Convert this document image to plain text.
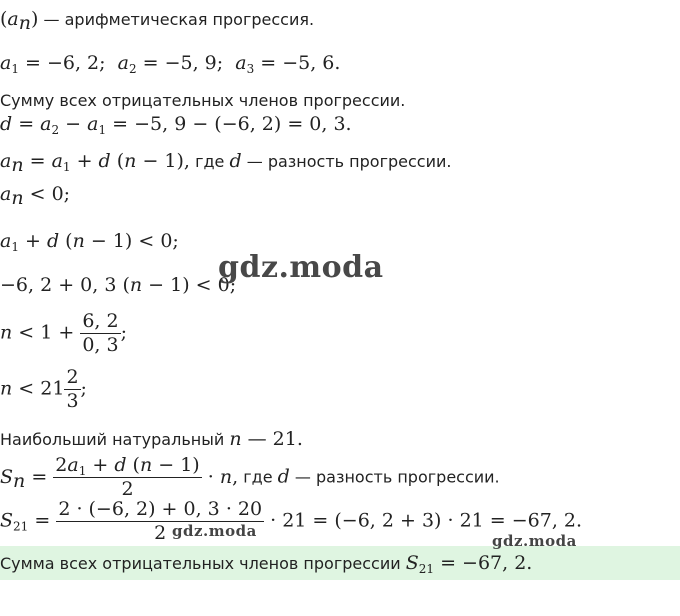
$(a_n)$ — арифметическая прогрессия.
$a_1 = -6$, 2;  $a_2 = -5$, 9;  $a_3 = -5$, 6.
Сумму всех отрицательных членов прогрессии.
$d = a_2 - a_1 = -5$, 9 − (−6, 2) = 0, 3.
$a_n = a_1 + d$ (n − 1), где d — разность прогрессии.
$a_n < 0$;
$a_1 + d$ (n − 1) < 0;
−6, 2 + 0, 3 (n − 1) < 0;
$n < 1 + \frac{6, 2}{0, 3}$ ;
$n < 21 \frac{2}{3}$ ;
Наибольший натуральный n — 21.
$S_n = \frac{2a_1 + d (n - 1)}{2} \cdot n$, где d — разность прогрессии.
$S_{21} = \frac{2 \cdot (-6, 2) + 0, 3 \cdot 20}{2} \cdot 21 = (-6$, 2 + 3) · 21 = −67, 2.
Сумма всех отрицательных членов прогрессии $S_{21} = -67$, 2.
gdz.moda
gdz.moda
gdz.moda
